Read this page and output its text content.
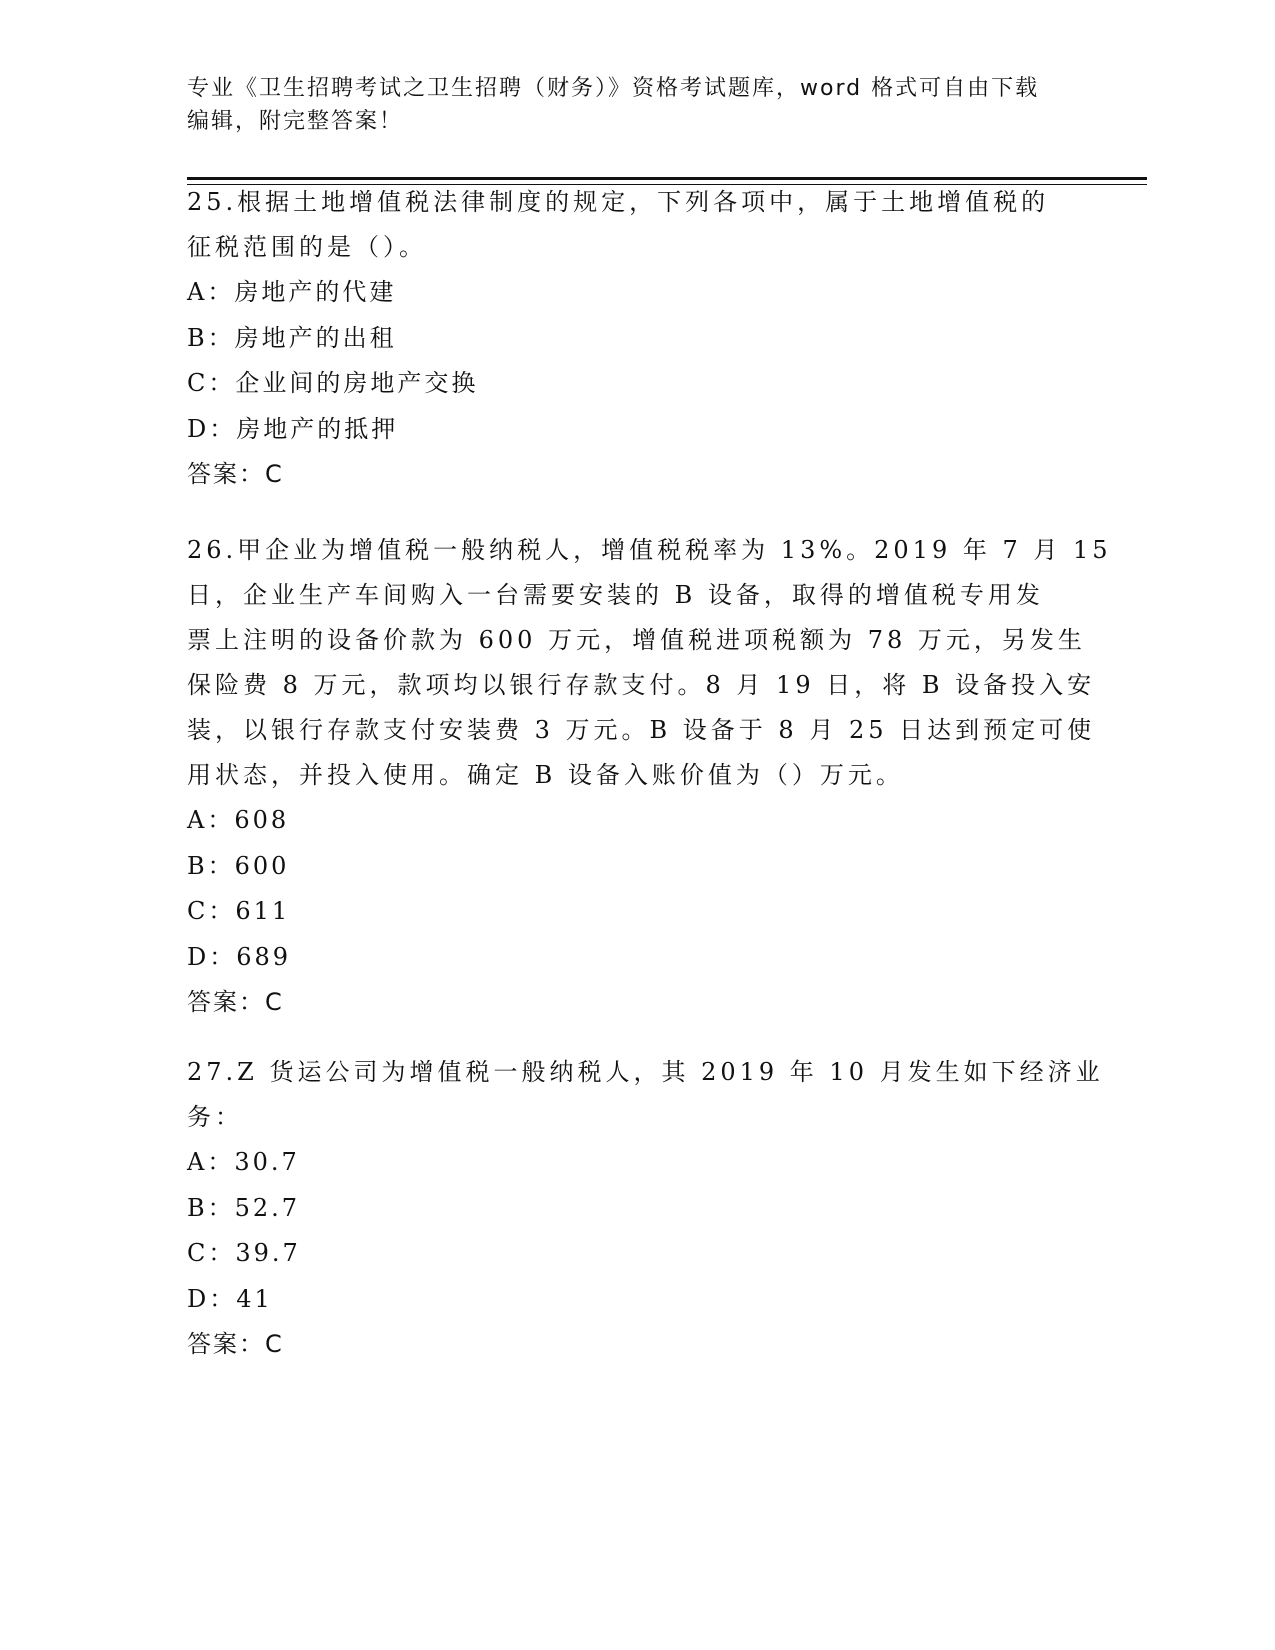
专业《卫生招聘考试之卫生招聘（财务）》资格考试题库，word 格式可自由下载
编辑，附完整答案！
25.根据土地增值税法律制度的规定，下列各项中，属于土地增值税的
征税范围的是（）。
A：房地产的代建
B：房地产的出租
C：企业间的房地产交换
D：房地产的抵押
答案：C
26.甲企业为增值税一般纳税人，增值税税率为 13%。2019 年 7 月 15
日，企业生产车间购入一台需要安装的 B 设备，取得的增值税专用发
票上注明的设备价款为 600 万元，增值税进项税额为 78 万元，另发生
保险费 8 万元，款项均以银行存款支付。8 月 19 日，将 B 设备投入安
装，以银行存款支付安装费 3 万元。B 设备于 8 月 25 日达到预定可使
用状态，并投入使用。确定 B 设备入账价值为（）万元。
A：608
B：600
C：611
D：689
答案：C
27.Z 货运公司为增值税一般纳税人，其 2019 年 10 月发生如下经济业
务：
A：30.7
B：52.7
C：39.7
D：41
答案：C
